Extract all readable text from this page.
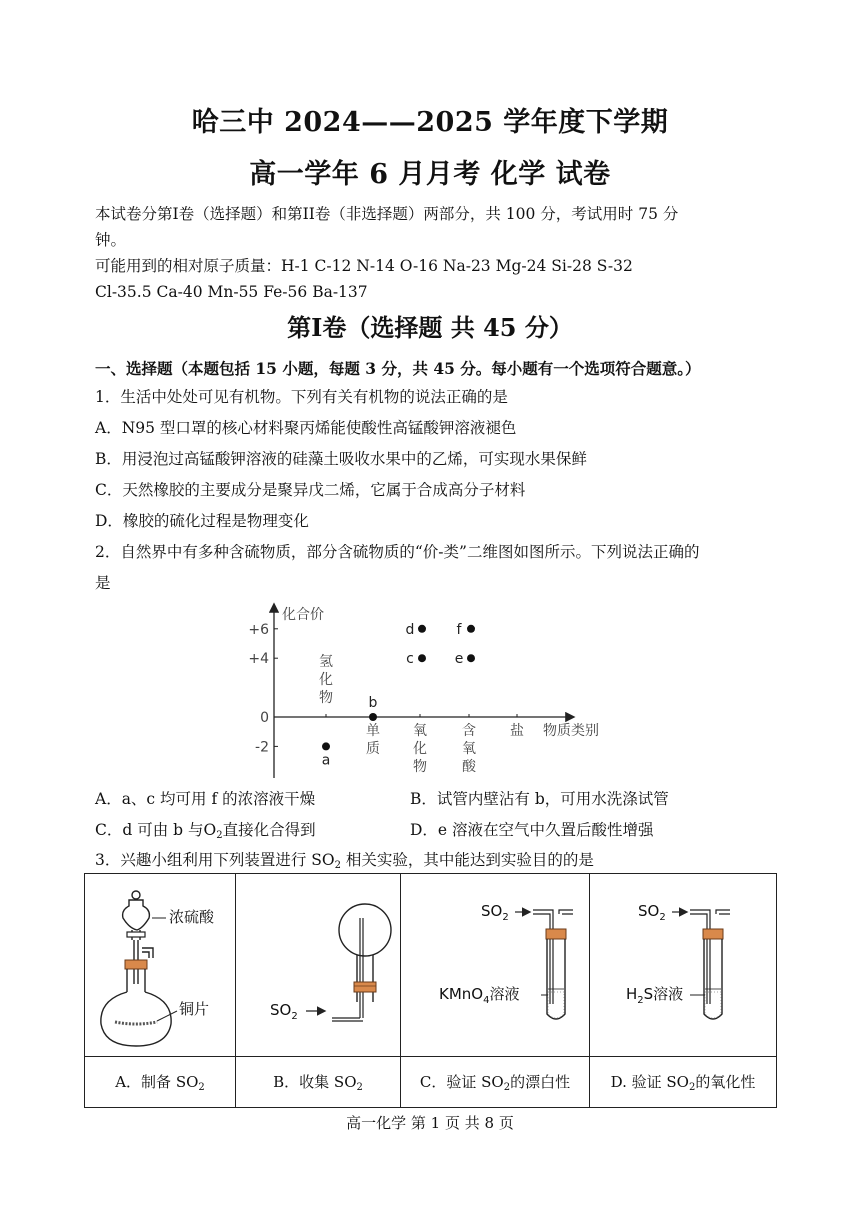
哈三中 2024——2025 学年度下学期
高一学年 6 月月考 化学 试卷
本试卷分第I卷（选择题）和第II卷（非选择题）两部分，共 100 分，考试用时 75 分
钟。
可能用到的相对原子质量：H-1 C-12 N-14 O-16 Na-23 Mg-24 Si-28 S-32
Cl-35.5 Ca-40 Mn-55 Fe-56 Ba-137
第I卷（选择题 共 45 分）
一、选择题（本题包括 15 小题，每题 3 分，共 45 分。每小题有一个选项符合题意。）
1．生活中处处可见有机物。下列有关有机物的说法正确的是
A．N95 型口罩的核心材料聚丙烯能使酸性高锰酸钾溶液褪色
B．用浸泡过高锰酸钾溶液的硅藻土吸收水果中的乙烯，可实现水果保鲜
C．天然橡胶的主要成分是聚异戊二烯，它属于合成高分子材料
D．橡胶的硫化过程是物理变化
2．自然界中有多种含硫物质，部分含硫物质的“价-类”二维图如图所示。下列说法正确的
是
化合价
物质类别
+6
+4
0
-2
氢
化
物
单
质
氧
化
物
含
氧
酸
盐
a
b
c
d
e
f
A．a、c 均可用 f 的浓溶液干燥	B．试管内壁沾有 b，可用水洗涤试管
C．d 可由 b 与$O_2$直接化合得到	D．e 溶液在空气中久置后酸性增强
3．兴趣小组利用下列装置进行 $SO_2$ 相关实验，其中能达到实验目的的是
浓硫酸
铜片	$SO_2$	$SO_2$
KMnO$_4$溶液	$SO_2$
$H_2S$溶液

A．制备 $SO_2$	B．收集 $SO_2$	C．验证 $SO_2$的漂白性	D. 验证 $SO_2$的氧化性
高一化学 第 1 页 共 8 页
